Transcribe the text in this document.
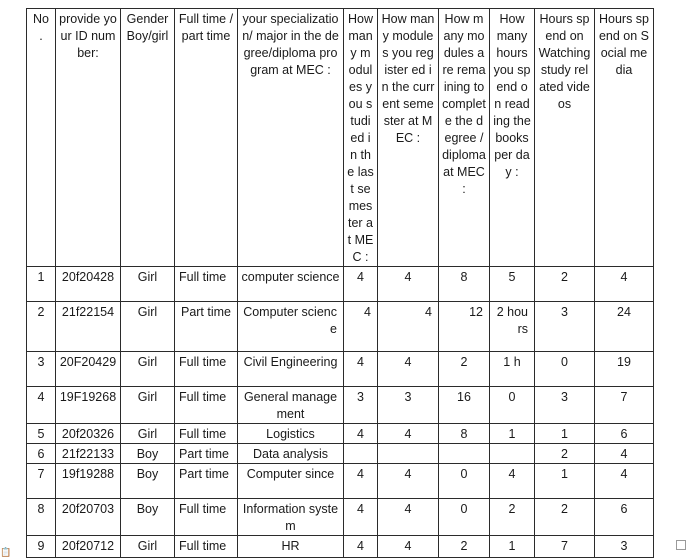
No .	provide your ID number:	Gender Boy/girl	Full time /part time	your specialization/ major in the degree/diploma program at MEC :	How many modules you studied in the last semester at MEC :	How many modules you register ed in the current semester at MEC :	How many modules are remaining to complete the degree /diploma at MEC :	How many hours you spend on reading the books per day :	Hours spend on Watching study related videos	Hours spend on Social media
1	20f20428	Girl	Full time	computer science	4	4	8	5	2	4
2	21f22154	Girl	Part time	Computer science	4	4	12	2 hours	3	24
3	20F20429	Girl	Full time	Civil Engineering	4	4	2	1 h	0	19
4	19F19268	Girl	Full time	General management	3	3	16	0	3	7
5	20f20326	Girl	Full time	Logistics	4	4	8	1	1	6
6	21f22133	Boy	Part time	Data analysis					2	4
7	19f19288	Boy	Part time	Computer since	4	4	0	4	1	4
8	20f20703	Boy	Full time	Information system	4	4	0	2	2	6
9	20f20712	Girl	Full time	HR	4	4	2	1	7	3
📋
